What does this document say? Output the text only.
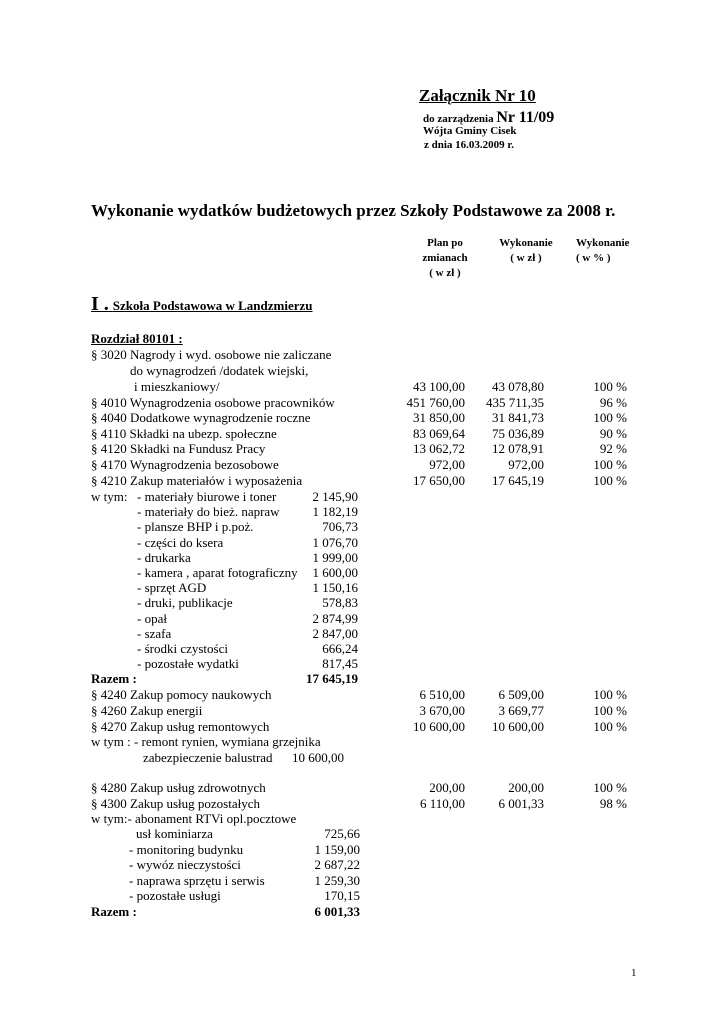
Załącznik Nr 10
do zarządzenia Nr 11/09
Wójta Gminy Cisek
z dnia 16.03.2009 r.
Wykonanie wydatków budżetowych przez Szkoły Podstawowe za 2008 r.
Plan po
zmianach
( w zł )
Wykonanie
( w zł )
Wykonanie
( w % )
I . Szkoła Podstawowa w Landzmierzu
Rozdział 80101 :
§ 3020 Nagrody i wyd. osobowe nie zaliczane
do wynagrodzeń /dodatek wiejski,
i mieszkaniowy/	43 100,00	43 078,80	100 %
§ 4010 Wynagrodzenia osobowe pracowników	451 760,00	435 711,35	96 %
§ 4040 Dodatkowe wynagrodzenie roczne	31 850,00	31 841,73	100 %
§ 4110 Składki na ubezp. społeczne	83 069,64	75 036,89	90 %
§ 4120 Składki na Fundusz Pracy	13 062,72	12 078,91	92 %
§ 4170 Wynagrodzenia bezosobowe	972,00	972,00	100 %
§ 4210 Zakup materiałów i wyposażenia	17 650,00	17 645,19	100 %
w tym: - materiały biurowe i toner	2 145,90
- materiały do bież. napraw	1 182,19
- plansze BHP i p.poż.	706,73
- części do ksera	1 076,70
- drukarka	1 999,00
- kamera , aparat fotograficzny	1 600,00
- sprzęt AGD	1 150,16
- druki, publikacje	578,83
- opał	2 874,99
- szafa	2 847,00
- środki czystości	666,24
- pozostałe wydatki	817,45
Razem :	17 645,19
§ 4240 Zakup pomocy naukowych	6 510,00	6 509,00	100 %
§ 4260 Zakup energii	3 670,00	3 669,77	100 %
§ 4270 Zakup usług remontowych	10 600,00	10 600,00	100 %
w tym : - remont rynien, wymiana grzejnika
zabezpieczenie balustrad	10 600,00
§ 4280 Zakup usług zdrowotnych	200,00	200,00	100 %
§ 4300 Zakup usług pozostałych	6 110,00	6 001,33	98 %
w tym:- abonament RTVi opl.pocztowe
usł kominiarza	725,66
- monitoring budynku	1 159,00
- wywóz nieczystości	2 687,22
- naprawa sprzętu i serwis	1 259,30
- pozostałe usługi	170,15
Razem :	6 001,33
1
